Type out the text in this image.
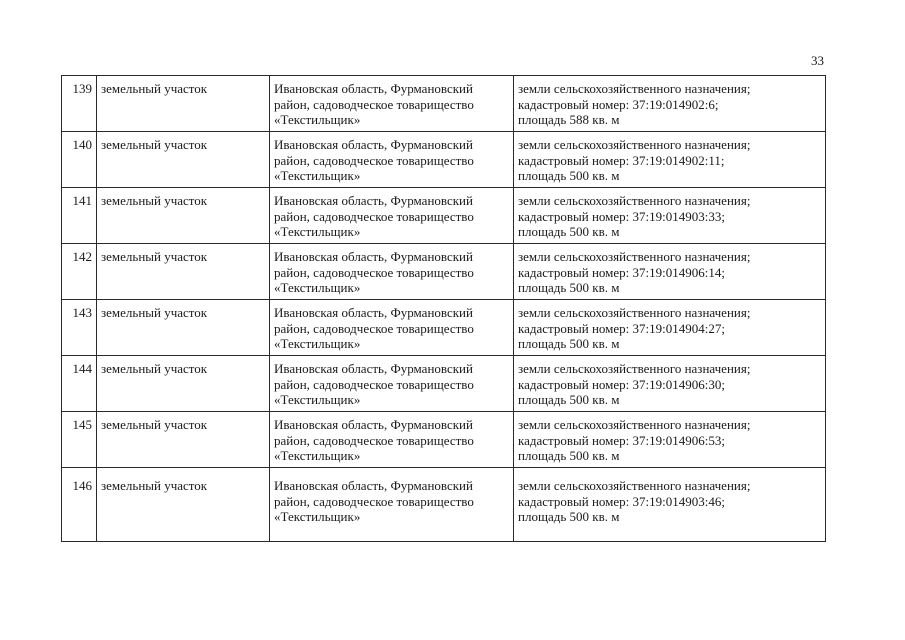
33
139	земельный участок	Ивановская область, Фурмановский
район, садоводческое товарищество
«Текстильщик»	земли сельскохозяйственного назначения;
кадастровый номер: 37:19:014902:6;
площадь 588 кв. м

140	земельный участок	Ивановская область, Фурмановский
район, садоводческое товарищество
«Текстильщик»	земли сельскохозяйственного назначения;
кадастровый номер: 37:19:014902:11;
площадь 500 кв. м

141	земельный участок	Ивановская область, Фурмановский
район, садоводческое товарищество
«Текстильщик»	земли сельскохозяйственного назначения;
кадастровый номер: 37:19:014903:33;
площадь 500 кв. м

142	земельный участок	Ивановская область, Фурмановский
район, садоводческое товарищество
«Текстильщик»	земли сельскохозяйственного назначения;
кадастровый номер: 37:19:014906:14;
площадь 500 кв. м

143	земельный участок	Ивановская область, Фурмановский
район, садоводческое товарищество
«Текстильщик»	земли сельскохозяйственного назначения;
кадастровый номер: 37:19:014904:27;
площадь 500 кв. м

144	земельный участок	Ивановская область, Фурмановский
район, садоводческое товарищество
«Текстильщик»	земли сельскохозяйственного назначения;
кадастровый номер: 37:19:014906:30;
площадь 500 кв. м

145	земельный участок	Ивановская область, Фурмановский
район, садоводческое товарищество
«Текстильщик»	земли сельскохозяйственного назначения;
кадастровый номер: 37:19:014906:53;
площадь 500 кв. м

146	земельный участок	Ивановская область, Фурмановский
район, садоводческое товарищество
«Текстильщик»	земли сельскохозяйственного назначения;
кадастровый номер: 37:19:014903:46;
площадь 500 кв. м
